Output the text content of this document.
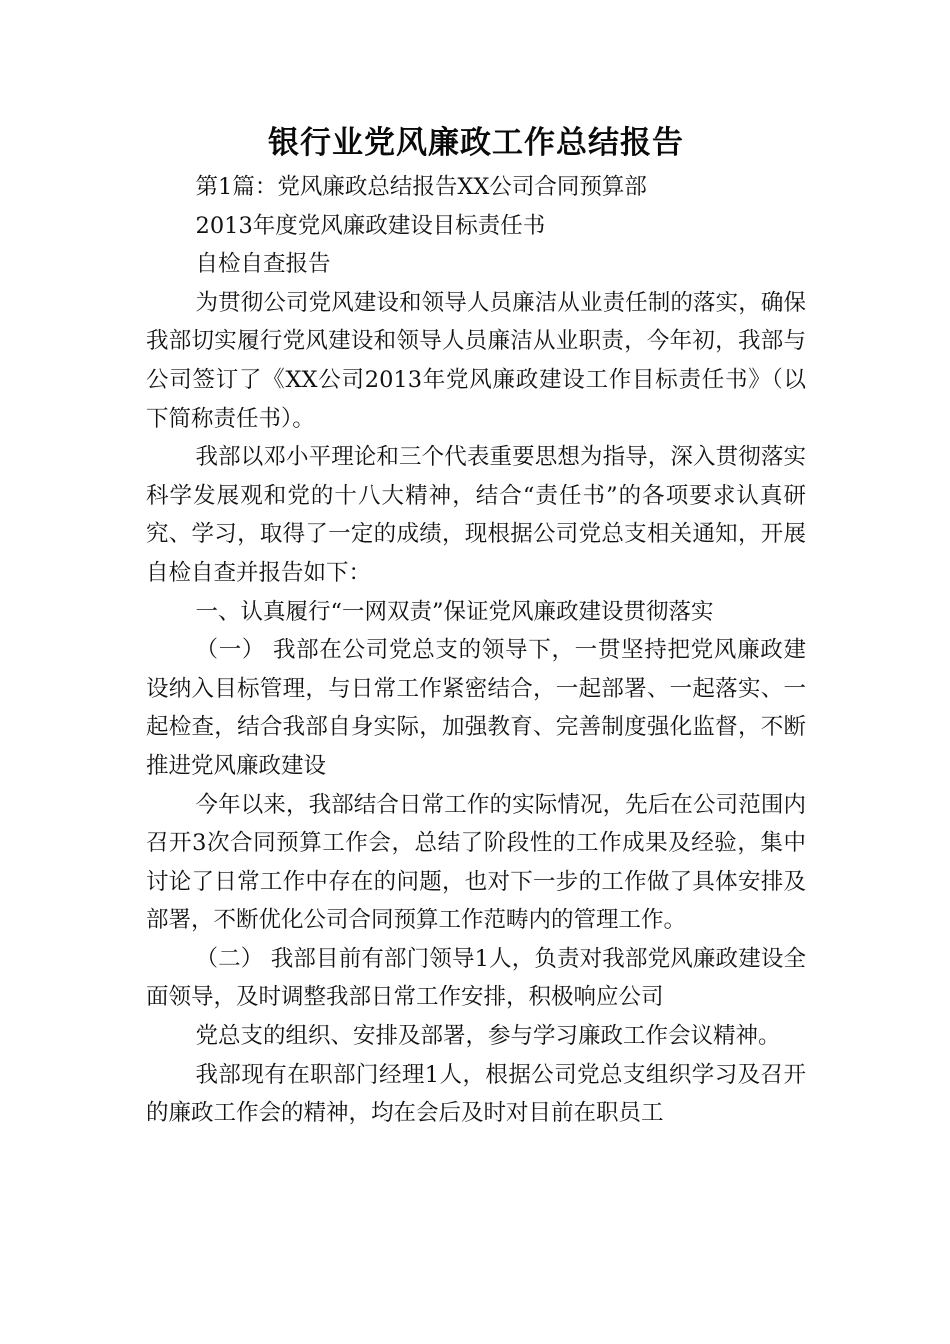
银行业党风廉政工作总结报告

第1篇：党风廉政总结报告XX公司合同预算部

2013年度党风廉政建设目标责任书

自检自查报告

为贯彻公司党风建设和领导人员廉洁从业责任制的落实，确保我部切实履行党风建设和领导人员廉洁从业职责，今年初，我部与公司签订了《XX公司2013年党风廉政建设工作目标责任书》（以下简称责任书）。

我部以邓小平理论和三个代表重要思想为指导，深入贯彻落实科学发展观和党的十八大精神，结合“责任书”的各项要求认真研究、学习，取得了一定的成绩，现根据公司党总支相关通知，开展自检自查并报告如下：

一、认真履行“一网双责”保证党风廉政建设贯彻落实

（一） 我部在公司党总支的领导下，一贯坚持把党风廉政建设纳入目标管理，与日常工作紧密结合，一起部署、一起落实、一起检查，结合我部自身实际，加强教育、完善制度强化监督，不断推进党风廉政建设

今年以来，我部结合日常工作的实际情况，先后在公司范围内召开3次合同预算工作会，总结了阶段性的工作成果及经验，集中讨论了日常工作中存在的问题，也对下一步的工作做了具体安排及部署，不断优化公司合同预算工作范畴内的管理工作。

（二） 我部目前有部门领导1人，负责对我部党风廉政建设全面领导，及时调整我部日常工作安排，积极响应公司

党总支的组织、安排及部署，参与学习廉政工作会议精神。

我部现有在职部门经理1人，根据公司党总支组织学习及召开的廉政工作会的精神，均在会后及时对目前在职员工
